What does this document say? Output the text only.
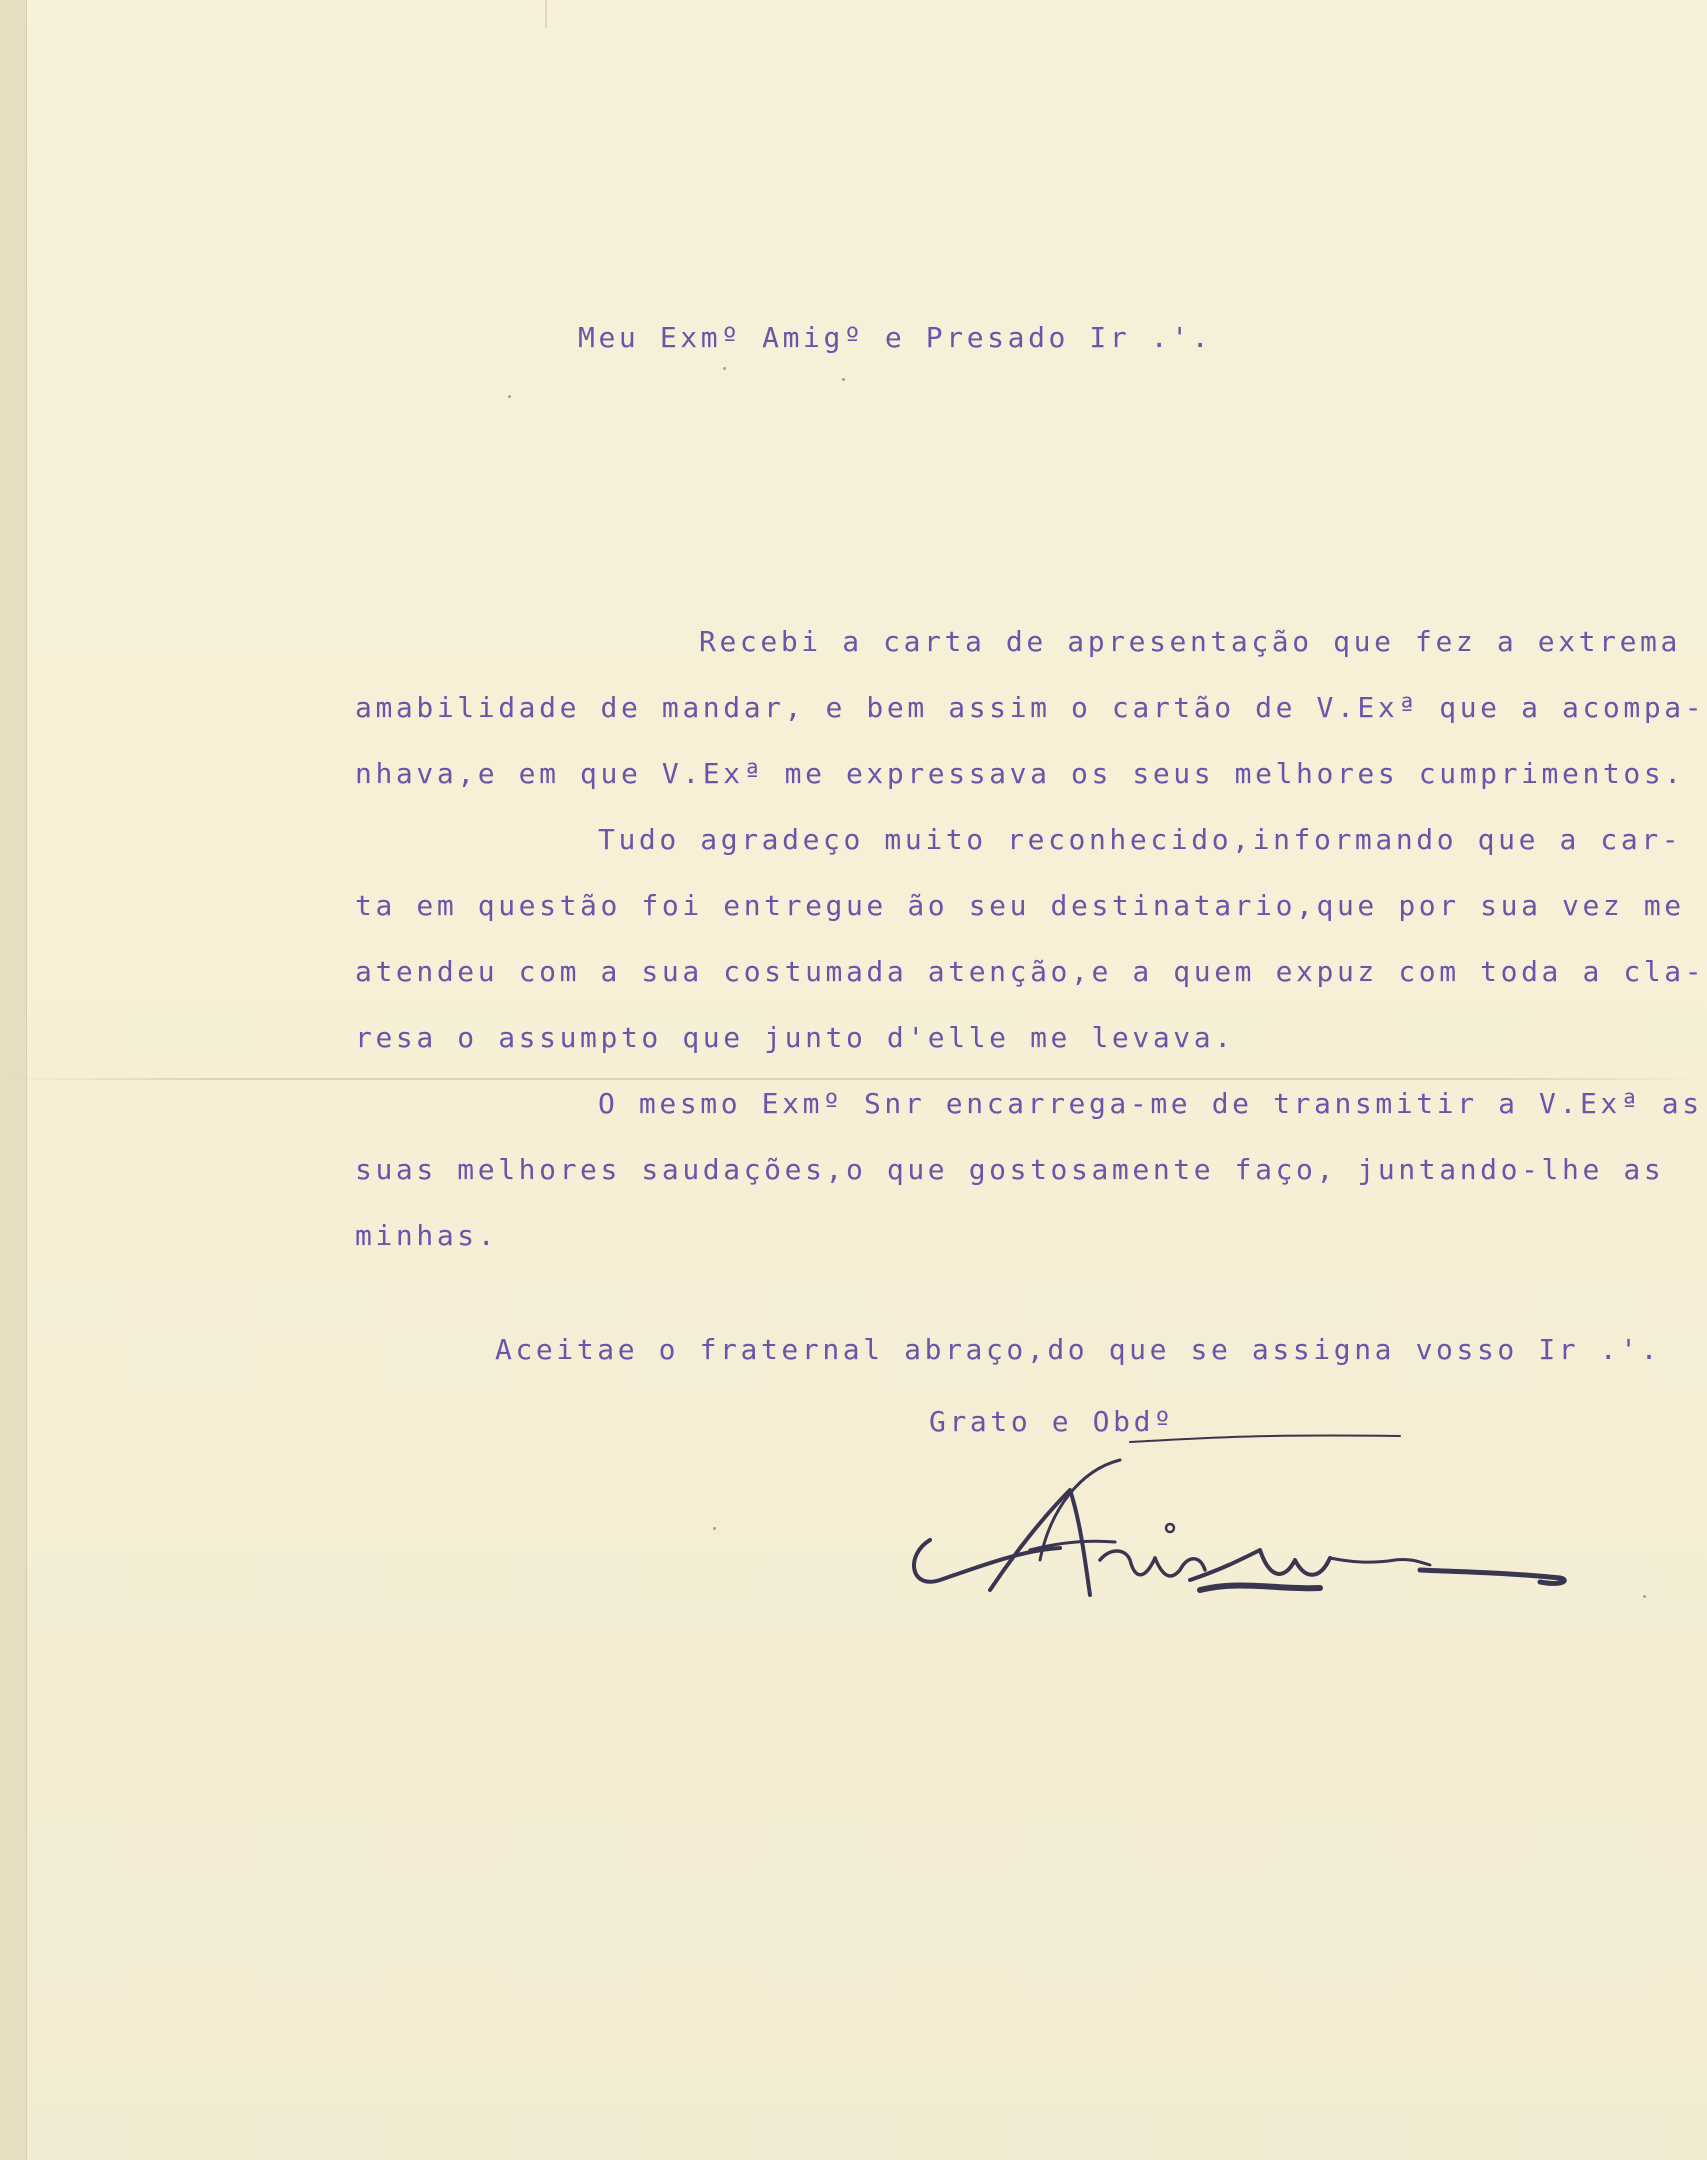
Meu Exmº Amigº e Presado Ir .'.

Recebi a carta de apresentação que fez a extrema

amabilidade de mandar, e bem assim o cartão de V.Exª que a acompa-

nhava,e em que V.Exª me expressava os seus melhores cumprimentos.

Tudo agradeço muito reconhecido,informando que a car-

ta em questão foi entregue ão seu destinatario,que por sua vez me

atendeu com a sua costumada atenção,e a quem expuz com toda a cla-

resa o assumpto que junto d'elle me levava.

O mesmo Exmº Snr encarrega-me de transmitir a V.Exª as

suas melhores saudações,o que gostosamente faço, juntando-lhe as

minhas.

Aceitae o fraternal abraço,do que se assigna vosso Ir .'.
Grato e Obdº
